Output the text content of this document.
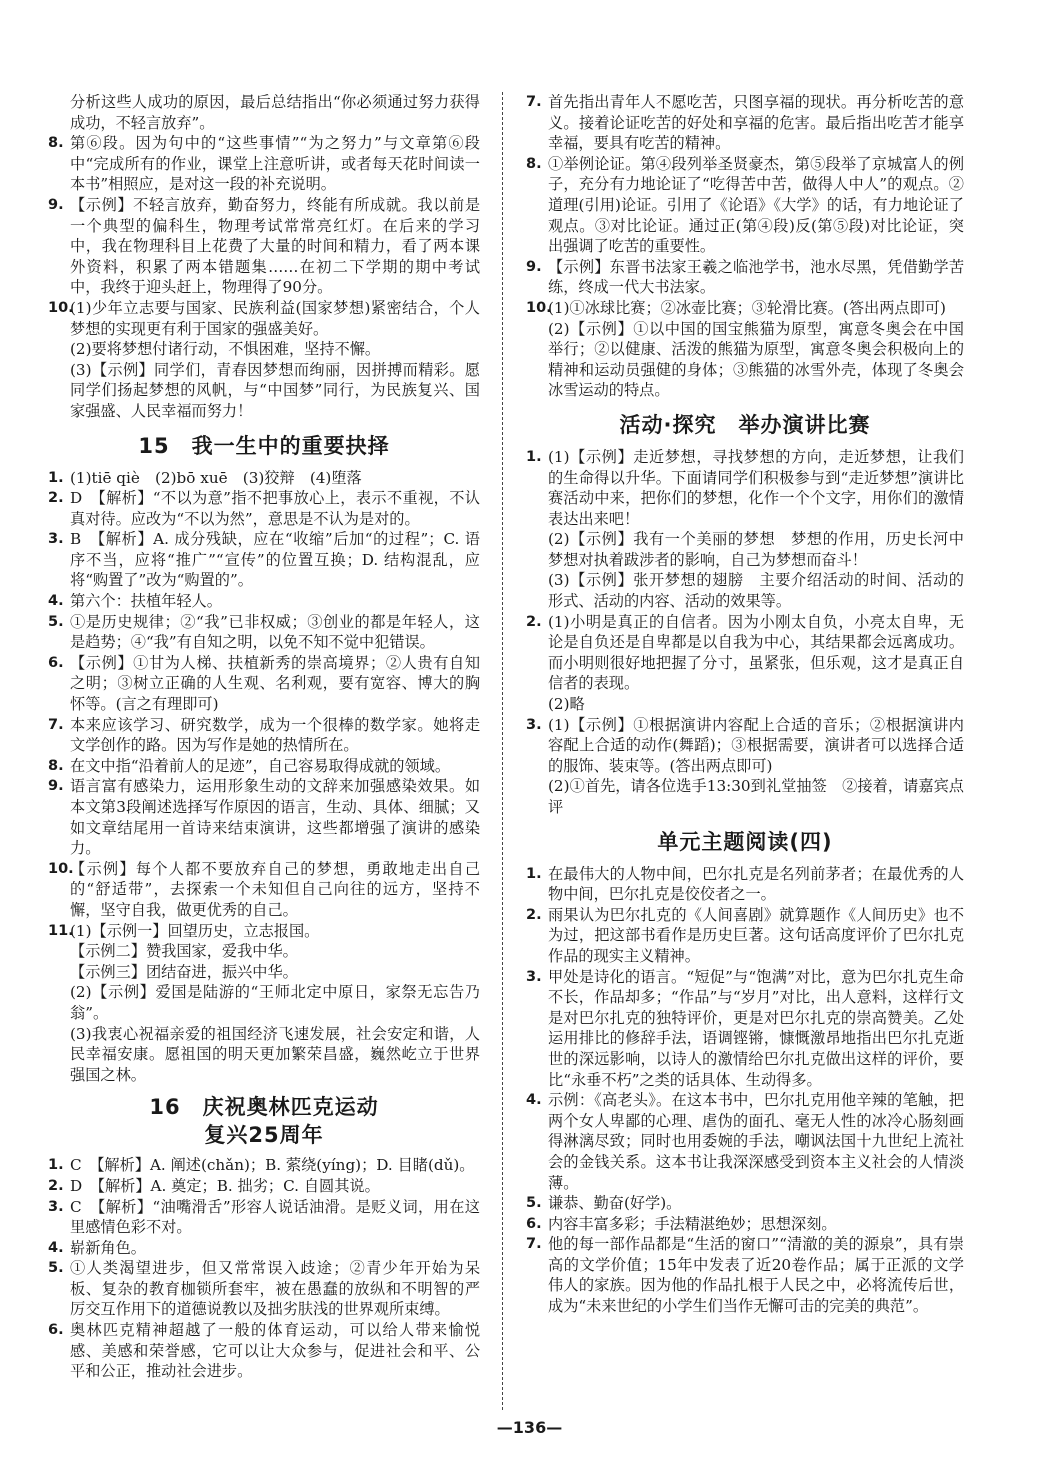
分析这些人成功的原因，最后总结指出“你必须通过努力获得成功，不轻言放弃”。

8. 第⑥段。因为句中的“这些事情”“为之努力”与文章第⑥段中“完成所有的作业，课堂上注意听讲，或者每天花时间读一本书”相照应，是对这一段的补充说明。

9. 【示例】不轻言放弃，勤奋努力，终能有所成就。我以前是一个典型的偏科生，物理考试常常亮红灯。在后来的学习中，我在物理科目上花费了大量的时间和精力，看了两本课外资料，积累了两本错题集……在初二下学期的期中考试中，我终于迎头赶上，物理得了90分。

10.

(1)少年立志要与国家、民族利益(国家梦想)紧密结合，个人梦想的实现更有利于国家的强盛美好。

(2)要将梦想付诸行动，不惧困难，坚持不懈。

(3)【示例】同学们，青春因梦想而绚丽，因拼搏而精彩。愿同学们扬起梦想的风帆，与“中国梦”同行，为民族复兴、国家强盛、人民幸福而努力！

15　我一生中的重要抉择
1. (1)tiē qiè　(2)bō xuē　(3)狡辩　(4)堕落

2. D　【解析】“不以为意”指不把事放心上，表示不重视，不认真对待。应改为“不以为然”，意思是不认为是对的。

3. B　【解析】A. 成分残缺，应在“收缩”后加“的过程”；C. 语序不当，应将“推广”“宣传”的位置互换；D. 结构混乱，应将“购置了”改为“购置的”。

4. 第六个：扶植年轻人。

5. ①是历史规律；②“我”已非权威；③创业的都是年轻人，这是趋势；④“我”有自知之明，以免不知不觉中犯错误。

6. 【示例】①甘为人梯、扶植新秀的崇高境界；②人贵有自知之明；③树立正确的人生观、名利观，要有宽容、博大的胸怀等。(言之有理即可)

7. 本来应该学习、研究数学，成为一个很棒的数学家。她将走文学创作的路。因为写作是她的热情所在。

8. 在文中指“沿着前人的足迹”，自己容易取得成就的领域。

9. 语言富有感染力，运用形象生动的文辞来加强感染效果。如本文第3段阐述选择写作原因的语言，生动、具体、细腻；又如文章结尾用一首诗来结束演讲，这些都增强了演讲的感染力。

10.

【示例】每个人都不要放弃自己的梦想，勇敢地走出自己的“舒适带”，去探索一个未知但自己向往的远方，坚持不懈，坚守自我，做更优秀的自己。

11.

(1)【示例一】回望历史，立志报国。

【示例二】赞我国家，爱我中华。

【示例三】团结奋进，振兴中华。

(2)【示例】爱国是陆游的“王师北定中原日，家祭无忘告乃翁”。

(3)我衷心祝福亲爱的祖国经济飞速发展，社会安定和谐，人民幸福安康。愿祖国的明天更加繁荣昌盛，巍然屹立于世界强国之林。

16　庆祝奥林匹克运动
复兴25周年
1. C　【解析】A. 阐述(chǎn)；B. 萦绕(yíng)；D. 目睹(dǔ)。

2. D　【解析】A. 奠定；B. 拙劣；C. 自圆其说。

3. C　【解析】“油嘴滑舌”形容人说话油滑。是贬义词，用在这里感情色彩不对。

4. 崭新角色。

5. ①人类渴望进步，但又常常误入歧途；②青少年开始为呆板、复杂的教育枷锁所套牢，被在愚蠢的放纵和不明智的严厉交互作用下的道德说教以及拙劣肤浅的世界观所束缚。

6. 奥林匹克精神超越了一般的体育运动，可以给人带来愉悦感、美感和荣誉感，它可以让大众参与，促进社会和平、公平和公正，推动社会进步。

7. 首先指出青年人不愿吃苦，只图享福的现状。再分析吃苦的意义。接着论证吃苦的好处和享福的危害。最后指出吃苦才能享幸福，要具有吃苦的精神。

8. ①举例论证。第④段列举圣贤豪杰，第⑤段举了京城富人的例子，充分有力地论证了“吃得苦中苦，做得人中人”的观点。②道理(引用)论证。引用了《论语》《大学》的话，有力地论证了观点。③对比论证。通过正(第④段)反(第⑤段)对比论证，突出强调了吃苦的重要性。

9. 【示例】东晋书法家王羲之临池学书，池水尽黑，凭借勤学苦练，终成一代大书法家。

10.

(1)①冰球比赛；②冰壶比赛；③轮滑比赛。(答出两点即可)

(2)【示例】①以中国的国宝熊猫为原型，寓意冬奥会在中国举行；②以健康、活泼的熊猫为原型，寓意冬奥会积极向上的精神和运动员强健的身体；③熊猫的冰雪外壳，体现了冬奥会冰雪运动的特点。

活动·探究　举办演讲比赛
1. (1)【示例】走近梦想，寻找梦想的方向，走近梦想，让我们的生命得以升华。下面请同学们积极参与到“走近梦想”演讲比赛活动中来，把你们的梦想，化作一个个文字，用你们的激情表达出来吧！

(2)【示例】我有一个美丽的梦想　梦想的作用，历史长河中梦想对执着跋涉者的影响，自己为梦想而奋斗！

(3)【示例】张开梦想的翅膀　主要介绍活动的时间、活动的形式、活动的内容、活动的效果等。

2. (1)小明是真正的自信者。因为小刚太自负，小亮太自卑，无论是自负还是自卑都是以自我为中心，其结果都会远离成功。而小明则很好地把握了分寸，虽紧张，但乐观，这才是真正自信者的表现。

(2)略

3. (1)【示例】①根据演讲内容配上合适的音乐；②根据演讲内容配上合适的动作(舞蹈)；③根据需要，演讲者可以选择合适的服饰、装束等。(答出两点即可)

(2)①首先，请各位选手13:30到礼堂抽签　②接着，请嘉宾点评

单元主题阅读(四)
1. 在最伟大的人物中间，巴尔扎克是名列前茅者；在最优秀的人物中间，巴尔扎克是佼佼者之一。

2. 雨果认为巴尔扎克的《人间喜剧》就算题作《人间历史》也不为过，把这部书看作是历史巨著。这句话高度评价了巴尔扎克作品的现实主义精神。

3. 甲处是诗化的语言。“短促”与“饱满”对比，意为巴尔扎克生命不长，作品却多；“作品”与“岁月”对比，出人意料，这样行文是对巴尔扎克的独特评价，更是对巴尔扎克的崇高赞美。乙处运用排比的修辞手法，语调铿锵，慷慨激昂地指出巴尔扎克逝世的深远影响，以诗人的激情给巴尔扎克做出这样的评价，要比“永垂不朽”之类的话具体、生动得多。

4. 示例：《高老头》。在这本书中，巴尔扎克用他辛辣的笔触，把两个女人卑鄙的心理、虐伪的面孔、毫无人性的冰冷心肠刻画得淋漓尽致；同时也用委婉的手法，嘲讽法国十九世纪上流社会的金钱关系。这本书让我深深感受到资本主义社会的人情淡薄。

5. 谦恭、勤奋(好学)。

6. 内容丰富多彩；手法精湛绝妙；思想深刻。

7. 他的每一部作品都是“生活的窗口”“清澈的美的源泉”，具有崇高的文学价值；15年中发表了近20卷作品；属于正派的文学伟人的家族。因为他的作品扎根于人民之中，必将流传后世，成为“未来世纪的小学生们当作无懈可击的完美的典范”。

—136—
